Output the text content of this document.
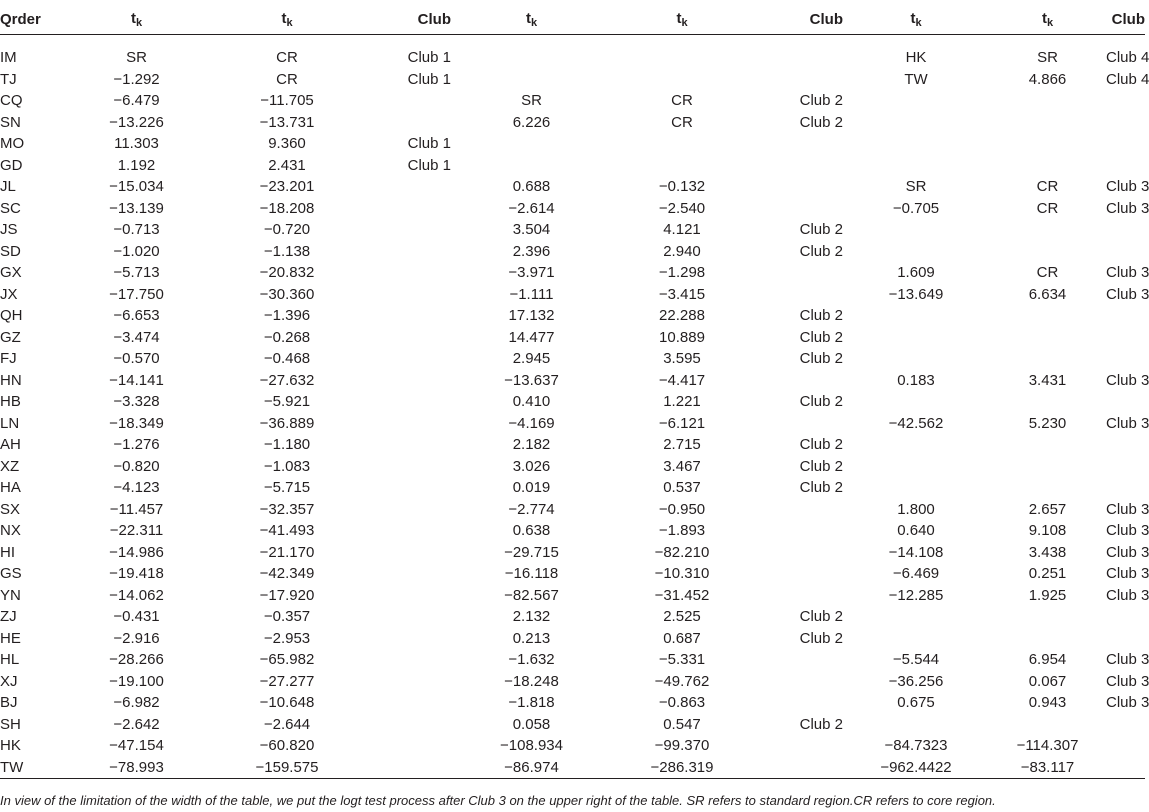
Qrder	$t_k$	$t_k$	Club	$t_k$	$t_k$	Club	$t_k$	$t_k$	Club

IM	SR	CR	Club 1				HK	SR	Club 4
TJ	−1.292	CR	Club 1				TW	4.866	Club 4
CQ	−6.479	−11.705		SR	CR	Club 2			
SN	−13.226	−13.731		6.226	CR	Club 2			
MO	11.303	9.360	Club 1						
GD	1.192	2.431	Club 1						
JL	−15.034	−23.201		0.688	−0.132		SR	CR	Club 3
SC	−13.139	−18.208		−2.614	−2.540		−0.705	CR	Club 3
JS	−0.713	−0.720		3.504	4.121	Club 2			
SD	−1.020	−1.138		2.396	2.940	Club 2			
GX	−5.713	−20.832		−3.971	−1.298		1.609	CR	Club 3
JX	−17.750	−30.360		−1.111	−3.415		−13.649	6.634	Club 3
QH	−6.653	−1.396		17.132	22.288	Club 2			
GZ	−3.474	−0.268		14.477	10.889	Club 2			
FJ	−0.570	−0.468		2.945	3.595	Club 2			
HN	−14.141	−27.632		−13.637	−4.417		0.183	3.431	Club 3
HB	−3.328	−5.921		0.410	1.221	Club 2			
LN	−18.349	−36.889		−4.169	−6.121		−42.562	5.230	Club 3
AH	−1.276	−1.180		2.182	2.715	Club 2			
XZ	−0.820	−1.083		3.026	3.467	Club 2			
HA	−4.123	−5.715		0.019	0.537	Club 2			
SX	−11.457	−32.357		−2.774	−0.950		1.800	2.657	Club 3
NX	−22.311	−41.493		0.638	−1.893		0.640	9.108	Club 3
HI	−14.986	−21.170		−29.715	−82.210		−14.108	3.438	Club 3
GS	−19.418	−42.349		−16.118	−10.310		−6.469	0.251	Club 3
YN	−14.062	−17.920		−82.567	−31.452		−12.285	1.925	Club 3
ZJ	−0.431	−0.357		2.132	2.525	Club 2			
HE	−2.916	−2.953		0.213	0.687	Club 2			
HL	−28.266	−65.982		−1.632	−5.331		−5.544	6.954	Club 3
XJ	−19.100	−27.277		−18.248	−49.762		−36.256	0.067	Club 3
BJ	−6.982	−10.648		−1.818	−0.863		0.675	0.943	Club 3
SH	−2.642	−2.644		0.058	0.547	Club 2			
HK	−47.154	−60.820		−108.934	−99.370		−84.7323	−114.307	
TW	−78.993	−159.575		−86.974	−286.319		−962.4422	−83.117	
In view of the limitation of the width of the table, we put the logt test process after Club 3 on the upper right of the table. SR refers to standard region.CR refers to core region.
